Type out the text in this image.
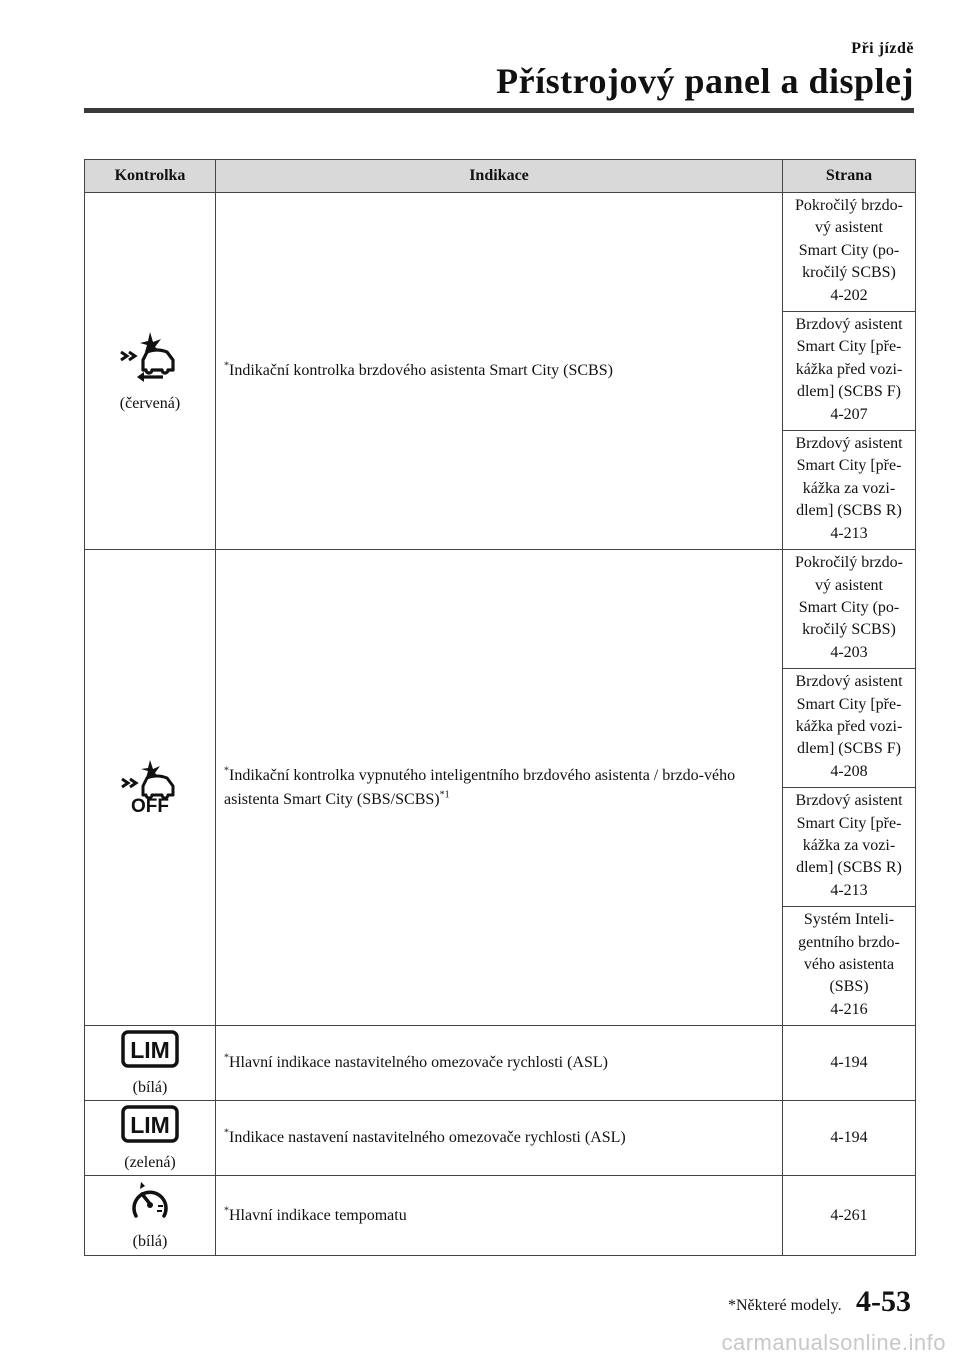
Při jízdě
Přístrojový panel a displej
Kontrolka	Indikace	Strana

(červená)	*Indikační kontrolka brzdového asistenta Smart City (SCBS)	Pokročilý brzdo-
vý asistent
Smart City (po-
kročilý SCBS)
4-202

		Brzdový asistent
Smart City [pře-
kážka před vozi-
dlem] (SCBS F)
4-207

		Brzdový asistent
Smart City [pře-
kážka za vozi-
dlem] (SCBS R)
4-213

OFF	*Indikační kontrolka vypnutého inteligentního brzdového asistenta / brzdo-vého asistenta Smart City (SBS/SCBS)$^{*1}$	Pokročilý brzdo-
vý asistent
Smart City (po-
kročilý SCBS)
4-203

		Brzdový asistent
Smart City [pře-
kážka před vozi-
dlem] (SCBS F)
4-208

		Brzdový asistent
Smart City [pře-
kážka za vozi-
dlem] (SCBS R)
4-213

		Systém Inteli-
gentního brzdo-
vého asistenta
(SBS)
4-216

LIM
(bílá)	*Hlavní indikace nastavitelného omezovače rychlosti (ASL)	4-194

LIM
(zelená)	*Indikace nastavení nastavitelného omezovače rychlosti (ASL)	4-194

(bílá)	*Hlavní indikace tempomatu	4-261
*Některé modely. 4-53
carmanualsonline.info
